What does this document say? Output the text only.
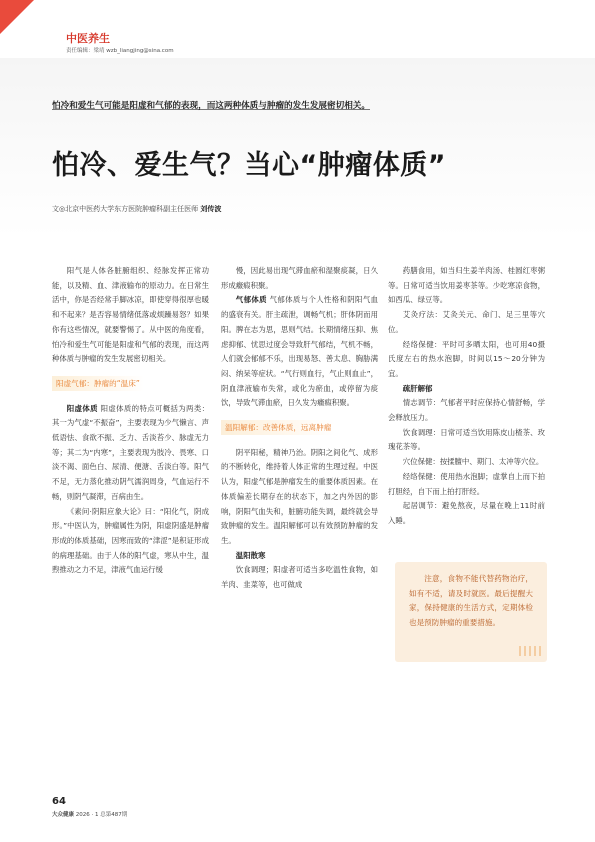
中医养生
责任编辑：梁靖 wzb_liangjing@sina.com
怕冷和爱生气可能是阳虚和气郁的表现，而这两种体质与肿瘤的发生发展密切相关。
怕冷、爱生气？当心“肿瘤体质”
文◎北京中医药大学东方医院肿瘤科副主任医师 刘传波

阳气是人体各脏腑组织、经脉发挥正常功能，以及精、血、津液输布的原动力。在日常生活中，你是否经常手脚冰凉，即使穿得很厚也暖和不起来？是否容易情绪低落或烦躁易怒？如果你有这些情况，就要警惕了。从中医的角度看，怕冷和爱生气可能是阳虚和气郁的表现，而这两种体质与肿瘤的发生发展密切相关。

阳虚气郁：肿瘤的“温床”

阳虚体质 阳虚体质的特点可概括为两类：其一为气虚“不振奋”，主要表现为少气懒言、声低语怯、食欲不振、乏力、舌淡苔少、脉虚无力等；其二为“内寒”，主要表现为肢冷、畏寒、口淡不渴、面色白、尿清、便溏、舌淡白等。阳气不足，无力蒸化推动阴气濡润周身，气血运行不畅，则阴气凝滞，百病由生。

《素问·阴阳应象大论》曰：“阳化气，阴成形。”中医认为，肿瘤属性为阴，阳虚阴盛是肿瘤形成的体质基础，因寒而致的“津涩”是积证形成的病理基础。由于人体的阳气虚，寒从中生，温煦推动之力不足，津液气血运行缓

慢，因此易出现气滞血瘀和湿聚痰凝，日久形成癥瘕积聚。

气郁体质 气郁体质与个人性格和阴阳气血的盛衰有关。肝主疏泄，调畅气机；肝体阴而用阳。脾在志为思，思则气结。长期情绪压抑、焦虑抑郁、忧思过度会导致肝气郁结，气机不畅，人们就会郁郁不乐，出现易怒、善太息、胸胁满闷、纳呆等症状。“气行则血行，气止则血止”，阴血津液输布失常，或化为瘀血，或停留为痰饮，导致气滞血瘀，日久发为癥瘕积聚。

温阳解郁：改善体质，远离肿瘤

阴平阳秘，精神乃治。阴阳之间化气、成形的不断转化，维持着人体正常的生理过程。中医认为，阳虚气郁是肿瘤发生的重要体质因素。在体质偏差长期存在的状态下，加之内外因的影响，阴阳气血失和，脏腑功能失调，最终就会导致肿瘤的发生。温阳解郁可以有效预防肿瘤的发生。

温阳散寒

饮食调理；阳虚者可适当多吃温性食物，如羊肉、韭菜等，也可做成

药膳食用，如当归生姜羊肉汤、桂圆红枣粥等。日常可适当饮用姜枣茶等。少吃寒凉食物，如西瓜、绿豆等。

艾灸疗法：艾灸关元、命门、足三里等穴位。

经络保健：平时可多晒太阳，也可用40摄氏度左右的热水泡脚，时间以15～20分钟为宜。

疏肝解郁

情志调节：气郁者平时应保持心情舒畅，学会释放压力。

饮食调理：日常可适当饮用陈皮山楂茶、玫瑰花茶等。

穴位保健：按揉膻中、期门、太冲等穴位。

经络保健：使用热水泡脚；虚掌自上而下拍打胆经，自下而上拍打肝经。

起居调节：避免熬夜，尽量在晚上11时前入睡。

注意，食物不能代替药物治疗，如有不适，请及时就医。最后提醒大家，保持健康的生活方式，定期体检也是预防肿瘤的重要措施。

64
大众健康 2026 · 1 总第487期
